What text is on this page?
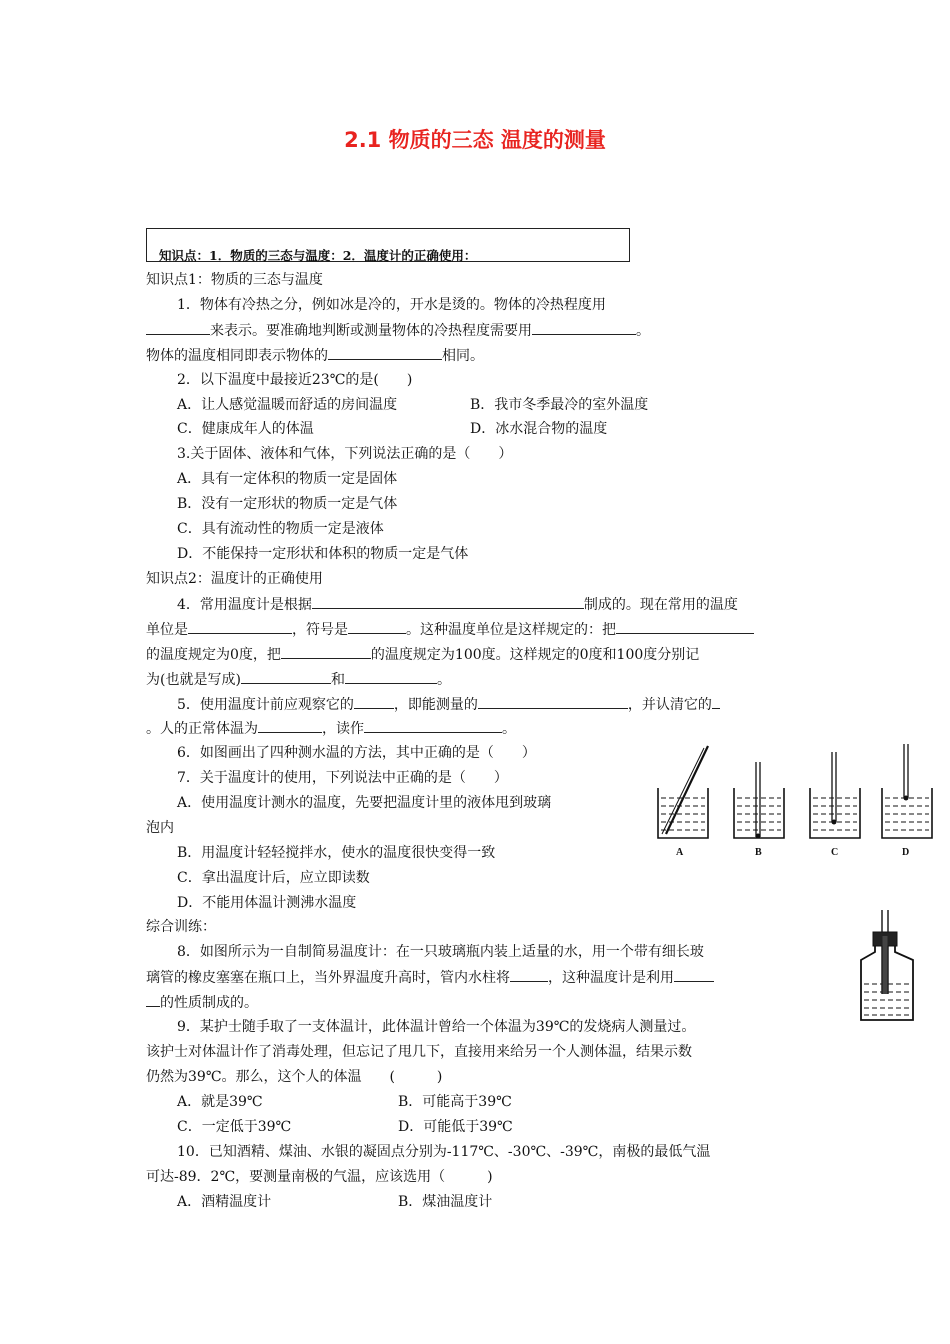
2.1 物质的三态 温度的测量
知识点：1．物质的三态与温度：2．温度计的正确使用：
知识点1：物质的三态与温度
1．物体有冷热之分，例如冰是冷的，开水是烫的。物体的冷热程度用
来表示。要准确地判断或测量物体的冷热程度需要用	。
物体的温度相同即表示物体的	相同。
2．以下温度中最接近23℃的是(　　)
A．让人感觉温暖而舒适的房间温度	B．我市冬季最冷的室外温度
C．健康成年人的体温	D．冰水混合物的温度
3.关于固体、液体和气体，下列说法正确的是（　　）
A．具有一定体积的物质一定是固体
B．没有一定形状的物质一定是气体
C．具有流动性的物质一定是液体
D．不能保持一定形状和体积的物质一定是气体
知识点2：温度计的正确使用
4．常用温度计是根据	制成的。现在常用的温度
单位是	，符号是	。这种温度单位是这样规定的：把
的温度规定为0度，把	的温度规定为100度。这样规定的0度和100度分别记
为(也就是写成)	和	。
5．使用温度计前应观察它的	，即能测量的	，并认清它的
。人的正常体温为	，读作	。
6．如图画出了四种测水温的方法，其中正确的是（　　）
7．关于温度计的使用，下列说法中正确的是（　　）
A．使用温度计测水的温度，先要把温度计里的液体甩到玻璃
泡内
B．用温度计轻轻搅拌水，使水的温度很快变得一致
C．拿出温度计后，应立即读数
D．不能用体温计测沸水温度
综合训练：
8．如图所示为一自制简易温度计：在一只玻璃瓶内装上适量的水，用一个带有细长玻
璃管的橡皮塞塞在瓶口上，当外界温度升高时，管内水柱将	，这种温度计是利用
的性质制成的。
9．某护士随手取了一支体温计，此体温计曾给一个体温为39℃的发烧病人测量过。
该护士对体温计作了消毒处理，但忘记了甩几下，直接用来给另一个人测体温，结果示数
仍然为39℃。那么，这个人的体温　　(　　　)
A．就是39℃	B．可能高于39℃
C．一定低于39℃	D．可能低于39℃
10．已知酒精、煤油、水银的凝固点分别为-117℃、-30℃、-39℃，南极的最低气温
可达-89．2℃，要测量南极的气温，应该选用（　　　)
A．酒精温度计	B．煤油温度计
A	B	C	D
